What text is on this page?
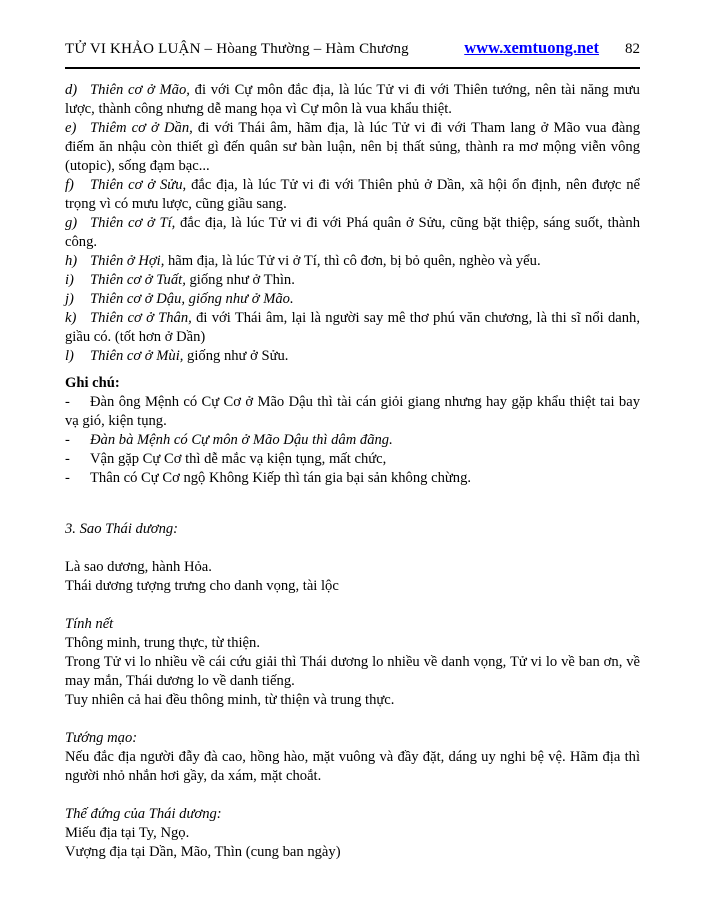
TỬ VI KHẢO LUẬN – Hòang Thường – Hàm Chương	www.xemtuong.net 82

d) Thiên cơ ở Mão, đi với Cự môn đắc địa, là lúc Tử vi đi với Thiên tướng, nên tài năng mưu lược, thành công nhưng dễ mang họa vì Cự môn là vua khẩu thiệt.

e) Thiêm cơ ở Dần, đi với Thái âm, hãm địa, là lúc Tử vi đi với Tham lang ở Mão vua đàng điếm ăn nhậu còn thiết gì đến quân sư bàn luận, nên bị thất sủng, thành ra mơ mộng viễn vông (utopic), sống đạm bạc...

f) Thiên cơ ở Sửu, đắc địa, là lúc Tử vi đi với Thiên phủ ở Dần, xã hội ổn định, nên được nể trọng vì có mưu lược, cũng giầu sang.

g) Thiên cơ ở Tí, đắc địa, là lúc Tử vi đi với Phá quân ở Sửu, cũng bặt thiệp, sáng suốt, thành công.

h) Thiên ở Hợi, hãm địa, là lúc Tử vi ở Tí, thì cô đơn, bị bỏ quên, nghèo và yểu.

i) Thiên cơ ở Tuất, giống như ở Thìn.

j) Thiên cơ ở Dậu, giống như ở Mão.

k) Thiên cơ ở Thân, đi với Thái âm, lại là người say mê thơ phú văn chương, là thi sĩ nổi danh, giầu có. (tốt hơn ở Dần)

l) Thiên cơ ở Mùi, giống như ở Sửu.

Ghi chú:

- Đàn ông Mệnh có Cự Cơ ở Mão Dậu thì tài cán giỏi giang nhưng hay gặp khẩu thiệt tai bay vạ gió, kiện tụng.

- Đàn bà Mệnh có Cự môn ở Mão Dậu thì dâm đãng.

- Vận gặp Cự Cơ thì dễ mắc vạ kiện tụng, mất chức,

- Thân có Cự Cơ ngộ Không Kiếp thì tán gia bại sản không chừng.

3. Sao Thái dương:

Là sao dương, hành Hỏa.

Thái dương tượng trưng cho danh vọng, tài lộc

Tính nết

Thông minh, trung thực, từ thiện.

Trong Tử vi lo nhiều về cái cứu giải thì Thái dương lo nhiều về danh vọng, Tử vi lo về ban ơn, về may mắn, Thái dương lo về danh tiếng.

Tuy nhiên cả hai đều thông minh, từ thiện và trung thực.

Tướng mạo:

Nếu đắc địa người đẫy đà cao, hồng hào, mặt vuông và đầy đặt, dáng uy nghi bệ vệ. Hãm địa thì người nhỏ nhắn hơi gầy, da xám, mặt choắt.

Thế đứng của Thái dương:

Miếu địa tại Ty, Ngọ.

Vượng địa tại Dần, Mão, Thìn (cung ban ngày)
